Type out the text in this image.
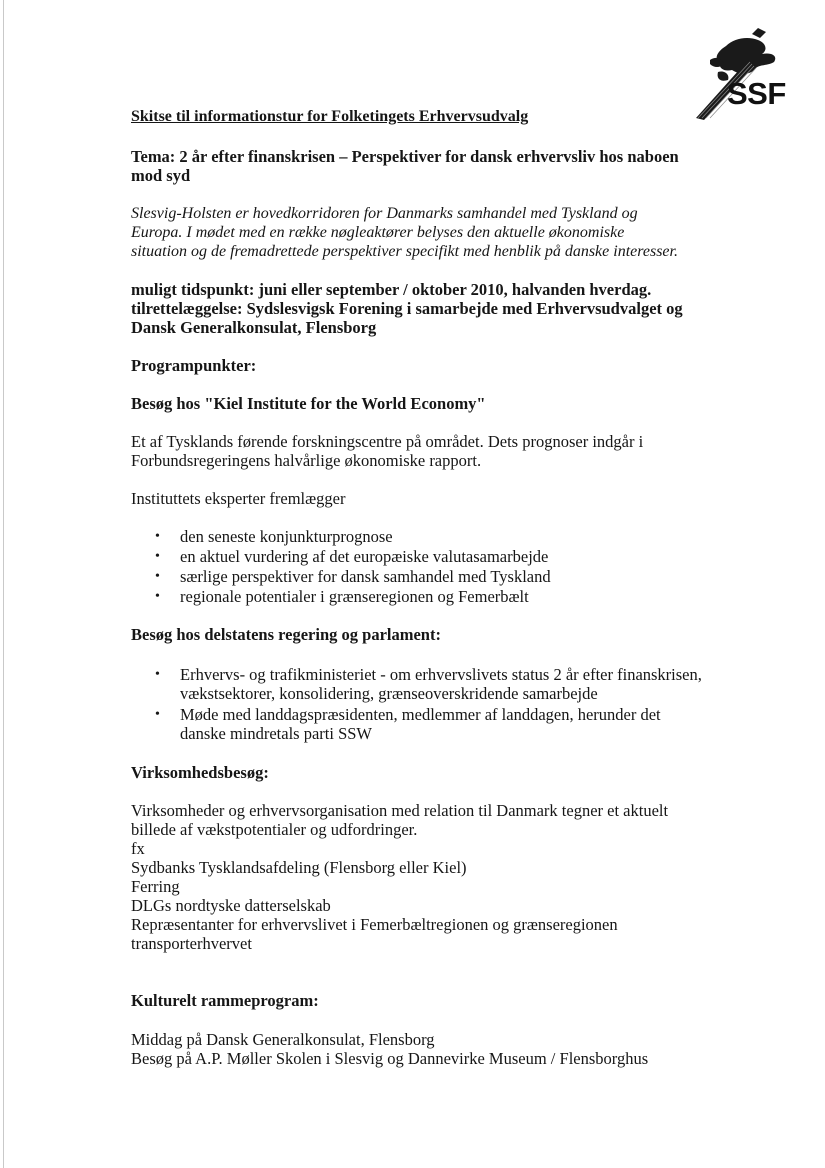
SSF
Skitse til informationstur for Folketingets Erhvervsudvalg
Tema: 2 år efter finanskrisen – Perspektiver for dansk erhvervsliv hos naboen
mod syd
Slesvig-Holsten er hovedkorridoren for Danmarks samhandel med Tyskland og
Europa. I mødet med en række nøgleaktører belyses den aktuelle økonomiske
situation og de fremadrettede perspektiver specifikt med henblik på danske interesser.
muligt tidspunkt: juni eller september / oktober 2010, halvanden hverdag.
tilrettelæggelse: Sydslesvigsk Forening i samarbejde med Erhvervsudvalget og
Dansk Generalkonsulat, Flensborg
Programpunkter:
Besøg hos "Kiel Institute for the World Economy"
Et af Tysklands førende forskningscentre på området. Dets prognoser indgår i
Forbundsregeringens halvårlige økonomiske rapport.
Instituttets eksperter fremlægger
• den seneste konjunkturprognose
• en aktuel vurdering af det europæiske valutasamarbejde
• særlige perspektiver for dansk samhandel med Tyskland
• regionale potentialer i grænseregionen og Femerbælt
Besøg hos delstatens regering og parlament:
• Erhvervs- og trafikministeriet - om erhvervslivets status 2 år efter finanskrisen,
vækstsektorer, konsolidering, grænseoverskridende samarbejde
• Møde med landdagspræsidenten, medlemmer af landdagen, herunder det
danske mindretals parti SSW
Virksomhedsbesøg:
Virksomheder og erhvervsorganisation med relation til Danmark tegner et aktuelt
billede af vækstpotentialer og udfordringer.
fx
Sydbanks Tysklandsafdeling (Flensborg eller Kiel)
Ferring
DLGs nordtyske datterselskab
Repræsentanter for erhvervslivet i Femerbæltregionen og grænseregionen
transporterhvervet
Kulturelt rammeprogram:
Middag på Dansk Generalkonsulat, Flensborg
Besøg på A.P. Møller Skolen i Slesvig og Dannevirke Museum / Flensborghus
